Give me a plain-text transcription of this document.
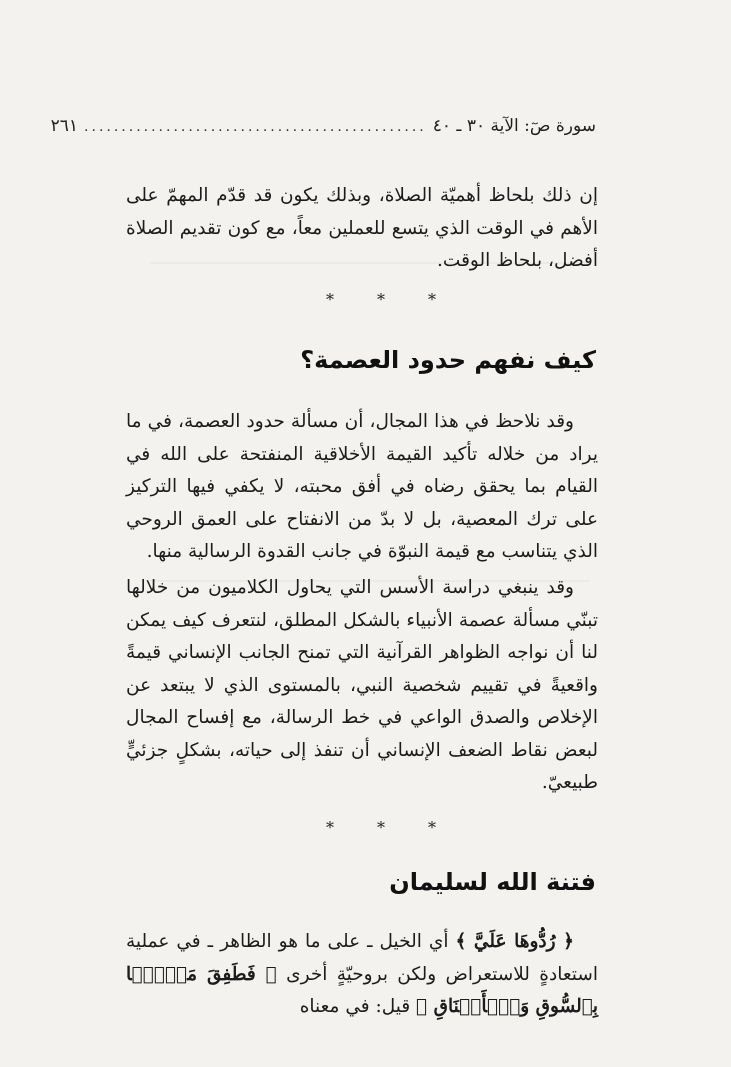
سورة صٓ: الآية ٣٠ ـ ٤٠
..............................................
٢٦١

إن ذلك بلحاظ أهميّة الصلاة، وبذلك يكون قد قدّم المهمّ على الأهم في الوقت الذي يتسع للعملين معاً، مع كون تقديم الصلاة أفضل، بلحاظ الوقت.

*	*	*
كيف نفهم حدود العصمة؟

وقد نلاحظ في هذا المجال، أن مسألة حدود العصمة، في ما يراد من خلاله تأكيد القيمة الأخلاقية المنفتحة على الله في القيام بما يحقق رضاه في أفق محبته، لا يكفي فيها التركيز على ترك المعصية، بل لا بدّ من الانفتاح على العمق الروحي الذي يتناسب مع قيمة النبوّة في جانب القدوة الرسالية منها.

وقد ينبغي دراسة الأسس التي يحاول الكلاميون من خلالها تبنّي مسألة عصمة الأنبياء بالشكل المطلق، لنتعرف كيف يمكن لنا أن نواجه الظواهر القرآنية التي تمنح الجانب الإنساني قيمةً واقعيةً في تقييم شخصية النبي، بالمستوى الذي لا يبتعد عن الإخلاص والصدق الواعي في خط الرسالة، مع إفساح المجال لبعض نقاط الضعف الإنساني أن تنفذ إلى حياته، بشكلٍ جزئيٍّ طبيعيّ.

*	*	*
فتنة الله لسليمان

﴿ رُدُّوهَا عَلَيَّ ﴾ أي الخيل ـ على ما هو الظاهر ـ في عملية استعادةٍ للاستعراض ولكن بروحيّةٍ أخرى ﴿ فَطَفِقَ مَسۡحَۢا بِٱلسُّوقِ وَٱلۡأَعۡنَاقِ ﴾ قيل: في معناه
